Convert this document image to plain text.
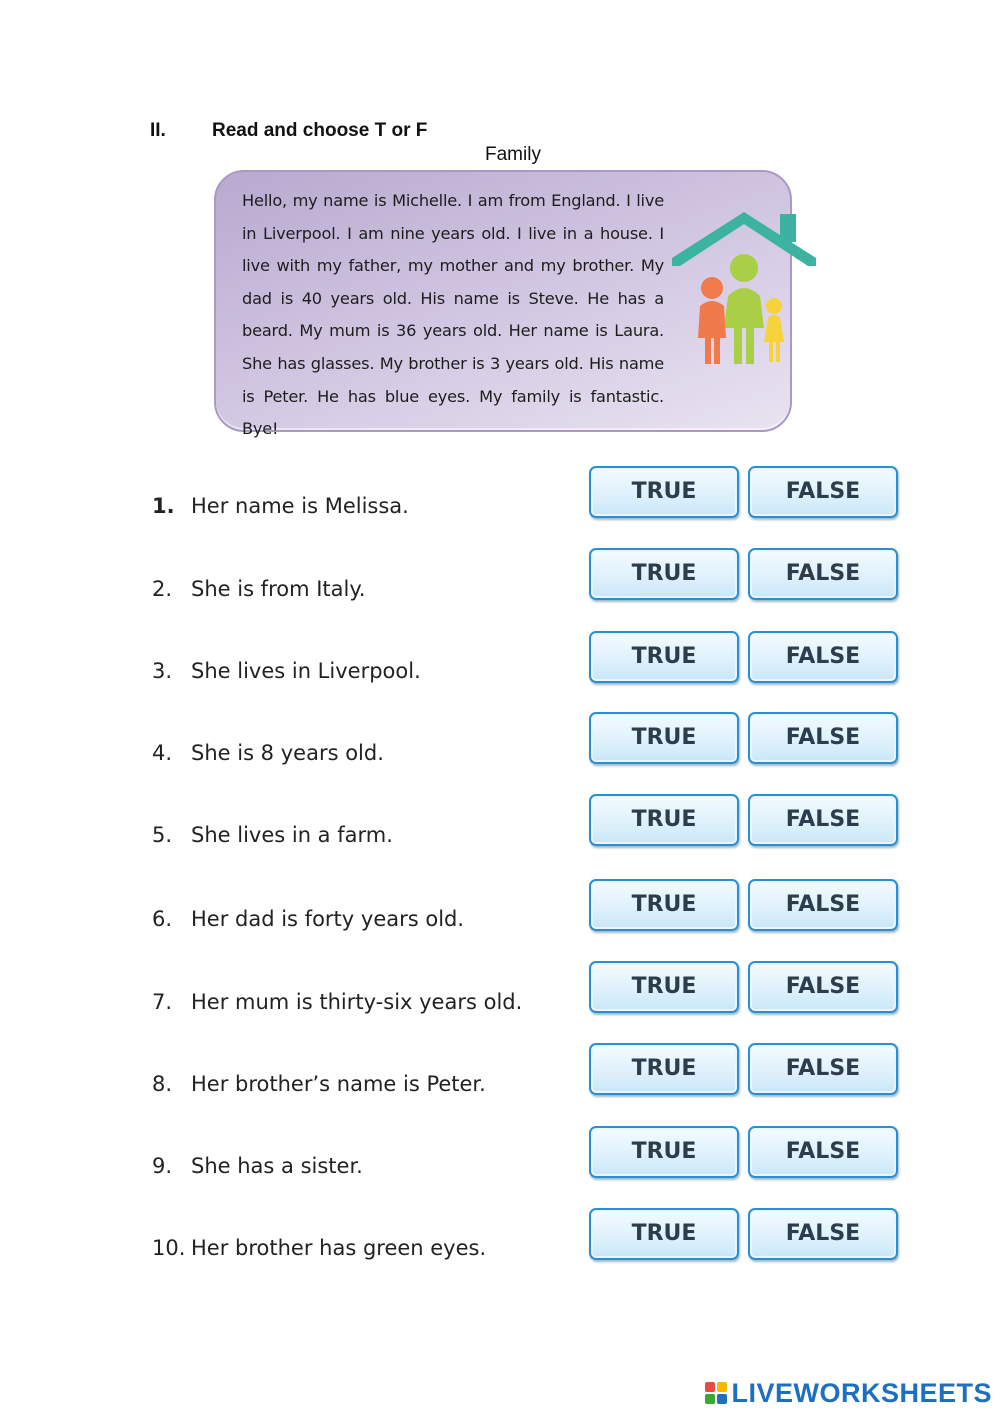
II. Read and choose T or F
Family
Hello, my name is Michelle. I am from England. I live in Liverpool. I am nine years old. I live in a house. I live with my father, my mother and my brother. My dad is 40 years old. His name is Steve. He has a beard. My mum is 36 years old. Her name is Laura. She has glasses. My brother is 3 years old. His name is Peter. He has blue eyes. My family is fantastic. Bye!
1. Her name is Melissa.
TRUE	FALSE
2. She is from Italy.
TRUE	FALSE
3. She lives in Liverpool.
TRUE	FALSE
4. She is 8 years old.
TRUE	FALSE
5. She lives in a farm.
TRUE	FALSE
6. Her dad is forty years old.
TRUE	FALSE
7. Her mum is thirty-six years old.
TRUE	FALSE
8. Her brother’s name is Peter.
TRUE	FALSE
9. She has a sister.
TRUE	FALSE
10. Her brother has green eyes.
TRUE	FALSE
LIVEWORKSHEETS
